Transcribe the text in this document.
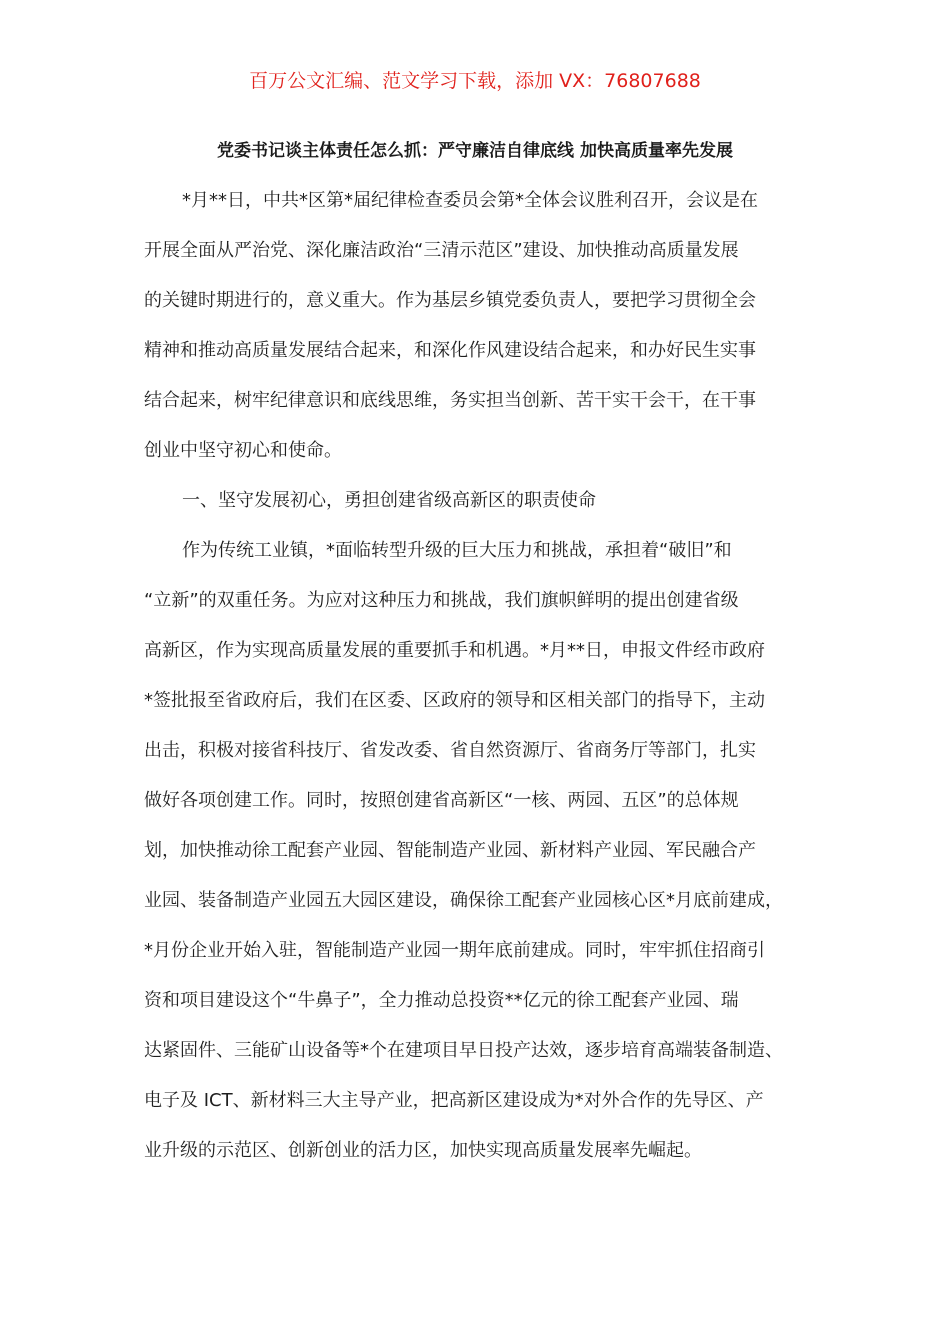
百万公文汇编、范文学习下载，添加 VX：76807688
党委书记谈主体责任怎么抓：严守廉洁自律底线 加快高质量率先发展
*月**日，中共*区第*届纪律检查委员会第*全体会议胜利召开，会议是在
开展全面从严治党、深化廉洁政治“三清示范区”建设、加快推动高质量发展
的关键时期进行的，意义重大。作为基层乡镇党委负责人，要把学习贯彻全会
精神和推动高质量发展结合起来，和深化作风建设结合起来，和办好民生实事
结合起来，树牢纪律意识和底线思维，务实担当创新、苦干实干会干，在干事
创业中坚守初心和使命。
一、坚守发展初心，勇担创建省级高新区的职责使命
作为传统工业镇，*面临转型升级的巨大压力和挑战，承担着“破旧”和
“立新”的双重任务。为应对这种压力和挑战，我们旗帜鲜明的提出创建省级
高新区，作为实现高质量发展的重要抓手和机遇。*月**日，申报文件经市政府
*签批报至省政府后，我们在区委、区政府的领导和区相关部门的指导下，主动
出击，积极对接省科技厅、省发改委、省自然资源厅、省商务厅等部门，扎实
做好各项创建工作。同时，按照创建省高新区“一核、两园、五区”的总体规
划，加快推动徐工配套产业园、智能制造产业园、新材料产业园、军民融合产
业园、装备制造产业园五大园区建设，确保徐工配套产业园核心区*月底前建成，
*月份企业开始入驻，智能制造产业园一期年底前建成。同时，牢牢抓住招商引
资和项目建设这个“牛鼻子”，全力推动总投资**亿元的徐工配套产业园、瑞
达紧固件、三能矿山设备等*个在建项目早日投产达效，逐步培育高端装备制造、
电子及 ICT、新材料三大主导产业，把高新区建设成为*对外合作的先导区、产
业升级的示范区、创新创业的活力区，加快实现高质量发展率先崛起。
